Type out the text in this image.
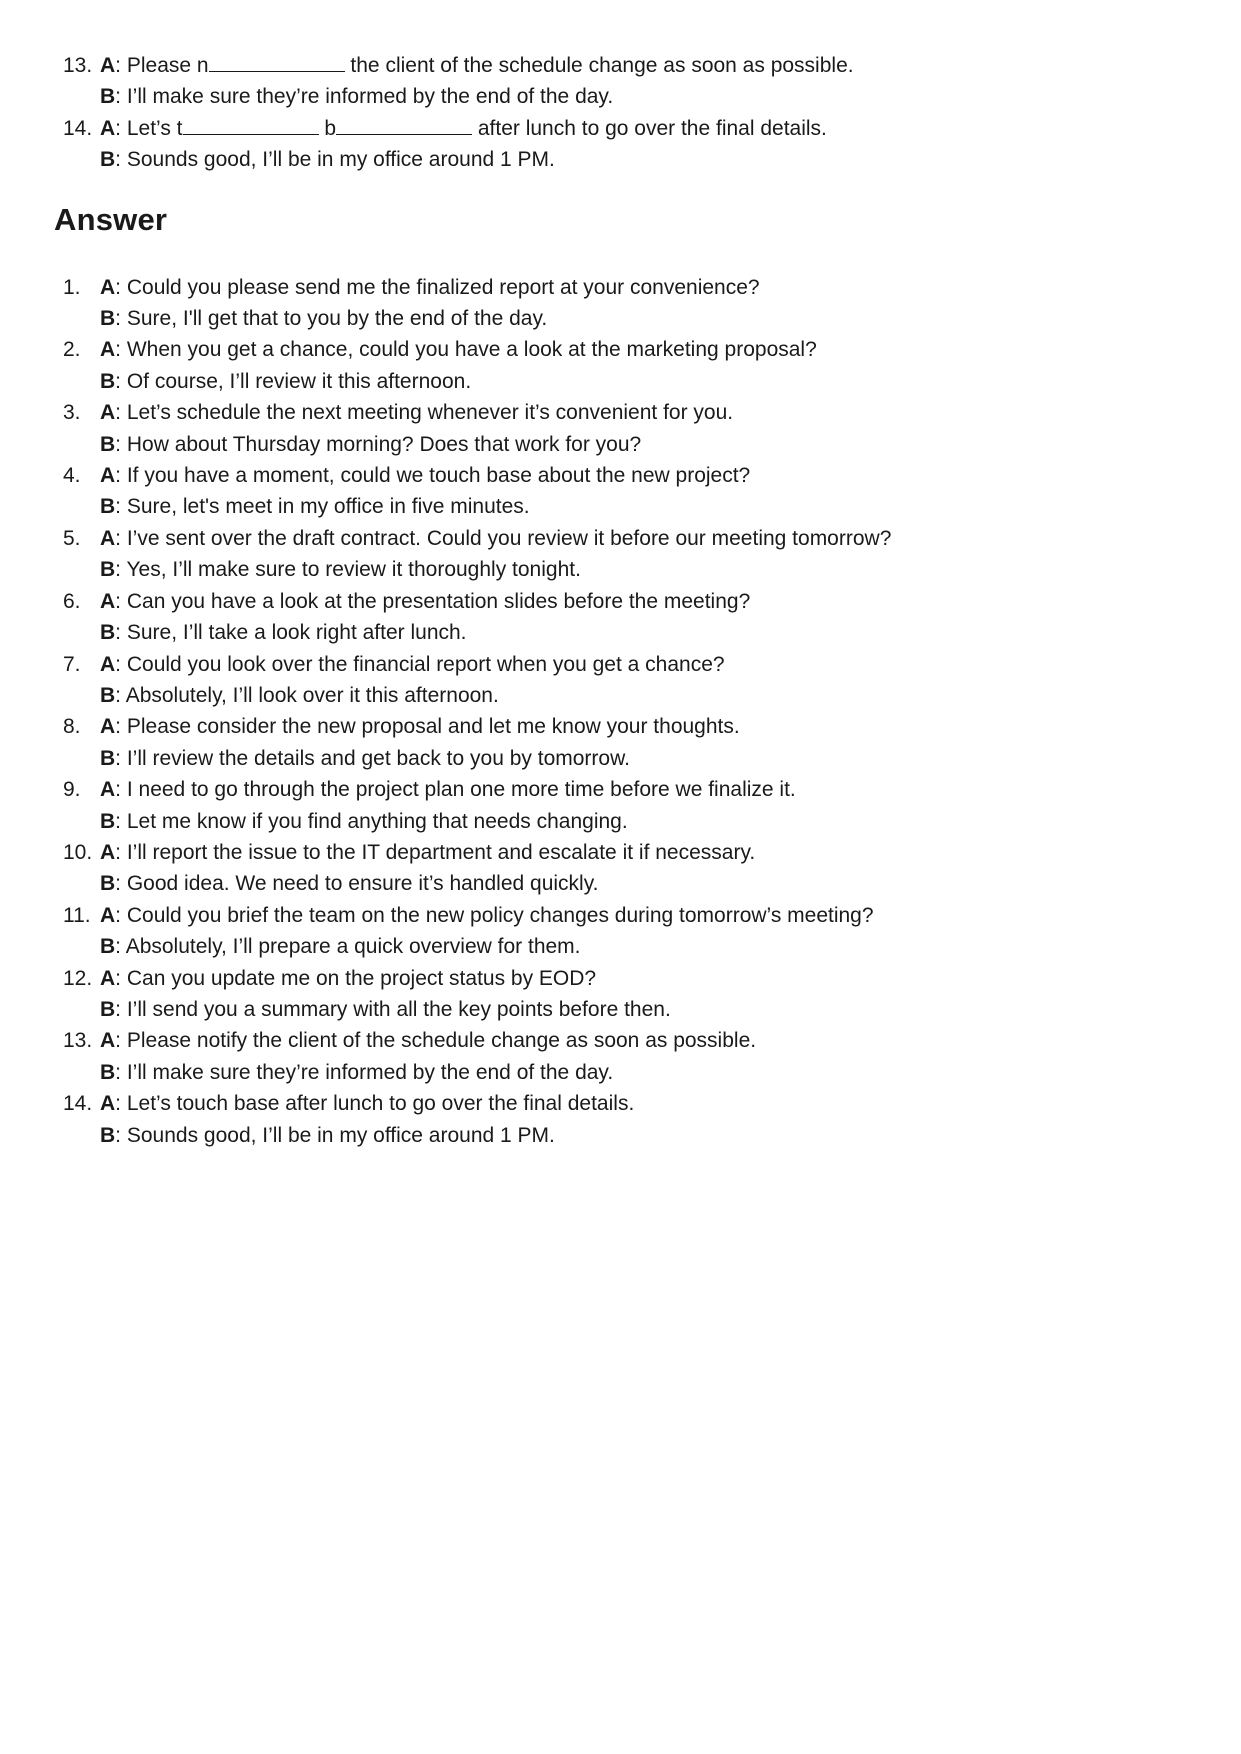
13. A: Please n	the client of the schedule change as soon as possible.
B: I’ll make sure they’re informed by the end of the day.
14. A: Let’s t	b	after lunch to go over the final details.
B: Sounds good, I’ll be in my office around 1 PM.
Answer
1. A: Could you please send me the finalized report at your convenience?
B: Sure, I'll get that to you by the end of the day.
2. A: When you get a chance, could you have a look at the marketing proposal?
B: Of course, I’ll review it this afternoon.
3. A: Let’s schedule the next meeting whenever it’s convenient for you.
B: How about Thursday morning? Does that work for you?
4. A: If you have a moment, could we touch base about the new project?
B: Sure, let's meet in my office in five minutes.
5. A: I’ve sent over the draft contract. Could you review it before our meeting tomorrow?
B: Yes, I’ll make sure to review it thoroughly tonight.
6. A: Can you have a look at the presentation slides before the meeting?
B: Sure, I’ll take a look right after lunch.
7. A: Could you look over the financial report when you get a chance?
B: Absolutely, I’ll look over it this afternoon.
8. A: Please consider the new proposal and let me know your thoughts.
B: I’ll review the details and get back to you by tomorrow.
9. A: I need to go through the project plan one more time before we finalize it.
B: Let me know if you find anything that needs changing.
10. A: I’ll report the issue to the IT department and escalate it if necessary.
B: Good idea. We need to ensure it’s handled quickly.
11. A: Could you brief the team on the new policy changes during tomorrow’s meeting?
B: Absolutely, I’ll prepare a quick overview for them.
12. A: Can you update me on the project status by EOD?
B: I’ll send you a summary with all the key points before then.
13. A: Please notify the client of the schedule change as soon as possible.
B: I’ll make sure they’re informed by the end of the day.
14. A: Let’s touch base after lunch to go over the final details.
B: Sounds good, I’ll be in my office around 1 PM.
